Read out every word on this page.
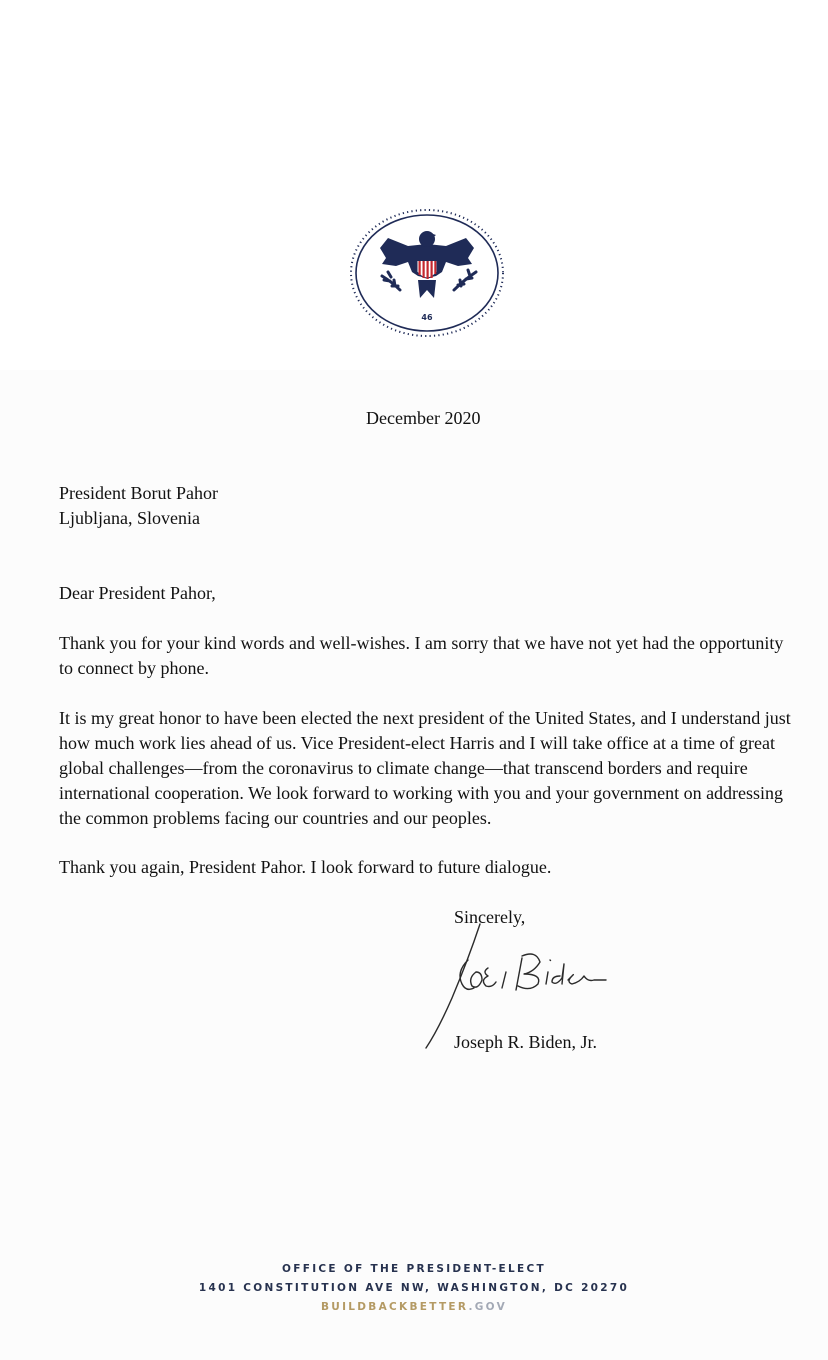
46
December 2020
President Borut Pahor
Ljubljana, Slovenia
Dear President Pahor,
Thank you for your kind words and well-wishes. I am sorry that we have not yet had the opportunity to connect by phone.
It is my great honor to have been elected the next president of the United States, and I understand just how much work lies ahead of us. Vice President-elect Harris and I will take office at a time of great global challenges—from the coronavirus to climate change—that transcend borders and require international cooperation. We look forward to working with you and your government on addressing the common problems facing our countries and our peoples.
Thank you again, President Pahor. I look forward to future dialogue.
Sincerely,
Joseph R. Biden, Jr.
OFFICE OF THE PRESIDENT-ELECT
1401 CONSTITUTION AVE NW, WASHINGTON, DC 20270
BUILDBACKBETTER.GOV
